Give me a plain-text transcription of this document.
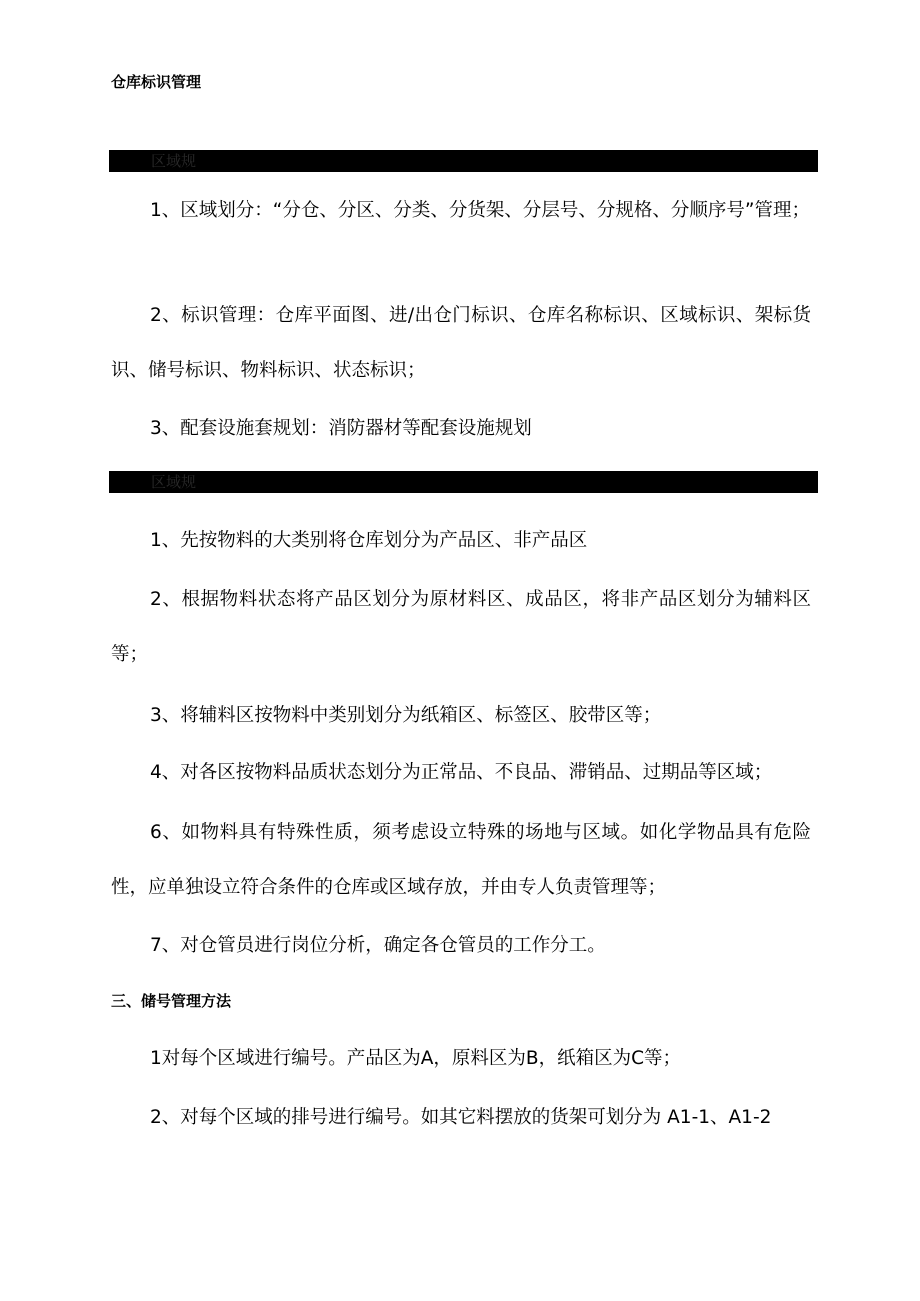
仓库标识管理
区域规

1、区域划分：“分仓、分区、分类、分货架、分层号、分规格、分顺序号”管理；

2、标识管理：仓库平面图、进/出仓门标识、仓库名称标识、区域标识、架标货识、储号标识、物料标识、状态标识；

3、配套设施套规划：消防器材等配套设施规划

区域规

1、先按物料的大类别将仓库划分为产品区、非产品区

2、根据物料状态将产品区划分为原材料区、成品区，将非产品区划分为辅料区等；

3、将辅料区按物料中类别划分为纸箱区、标签区、胶带区等；

4、对各区按物料品质状态划分为正常品、不良品、滞销品、过期品等区域；

6、如物料具有特殊性质，须考虑设立特殊的场地与区域。如化学物品具有危险性，应单独设立符合条件的仓库或区域存放，并由专人负责管理等；

7、对仓管员进行岗位分析，确定各仓管员的工作分工。

三、储号管理方法

1对每个区域进行编号。产品区为A，原料区为B，纸箱区为C等；

2、对每个区域的排号进行编号。如其它料摆放的货架可划分为 A1-1、A1-2
